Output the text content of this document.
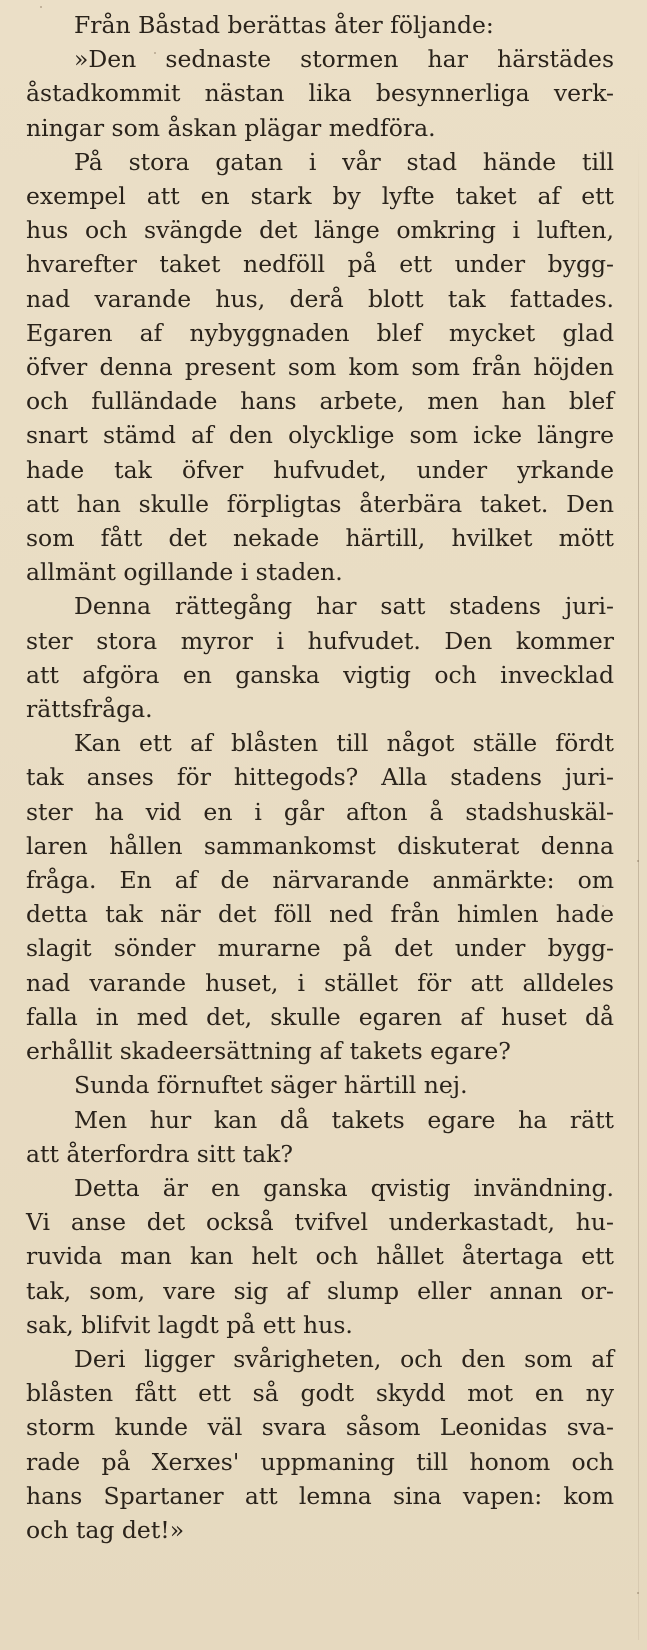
Från Båstad berättas åter följande:
»Den sednaste stormen har härstädes
åstadkommit nästan lika besynnerliga verk-
ningar som åskan plägar medföra.
På stora gatan i vår stad hände till
exempel att en stark by lyfte taket af ett
hus och svängde det länge omkring i luften,
hvarefter taket nedföll på ett under bygg-
nad varande hus, derå blott tak fattades.
Egaren af nybyggnaden blef mycket glad
öfver denna present som kom som från höjden
och fulländade hans arbete, men han blef
snart stämd af den olycklige som icke längre
hade tak öfver hufvudet, under yrkande
att han skulle förpligtas återbära taket. Den
som fått det nekade härtill, hvilket mött
allmänt ogillande i staden.
Denna rättegång har satt stadens juri-
ster stora myror i hufvudet. Den kommer
att afgöra en ganska vigtig och invecklad
rättsfråga.
Kan ett af blåsten till något ställe fördt
tak anses för hittegods? Alla stadens juri-
ster ha vid en i går afton å stadshuskäl-
laren hållen sammankomst diskuterat denna
fråga. En af de närvarande anmärkte: om
detta tak när det föll ned från himlen hade
slagit sönder murarne på det under bygg-
nad varande huset, i stället för att alldeles
falla in med det, skulle egaren af huset då
erhållit skadeersättning af takets egare?
Sunda förnuftet säger härtill nej.
Men hur kan då takets egare ha rätt
att återfordra sitt tak?
Detta är en ganska qvistig invändning.
Vi anse det också tvifvel underkastadt, hu-
ruvida man kan helt och hållet återtaga ett
tak, som, vare sig af slump eller annan or-
sak, blifvit lagdt på ett hus.
Deri ligger svårigheten, och den som af
blåsten fått ett så godt skydd mot en ny
storm kunde väl svara såsom Leonidas sva-
rade på Xerxes' uppmaning till honom och
hans Spartaner att lemna sina vapen: kom
och tag det!»
